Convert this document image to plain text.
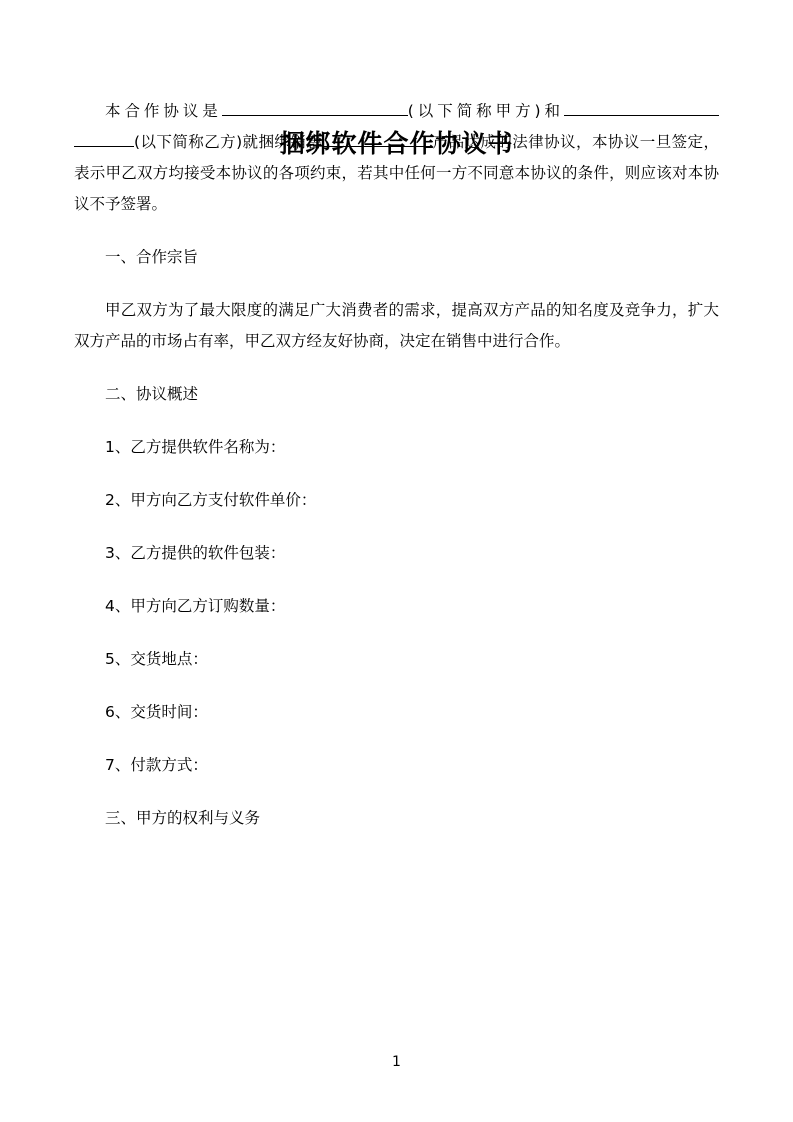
捆绑软件合作协议书

本合作协议是	(以下简称甲方)和(以下简称乙方)就捆绑销售	产品达成的法律协议，本协议一旦签定，表示甲乙双方均接受本协议的各项约束，若其中任何一方不同意本协议的条件，则应该对本协议不予签署。

一、合作宗旨

甲乙双方为了最大限度的满足广大消费者的需求，提高双方产品的知名度及竞争力，扩大双方产品的市场占有率，甲乙双方经友好协商，决定在销售中进行合作。

二、协议概述

1、乙方提供软件名称为：

2、甲方向乙方支付软件单价：

3、乙方提供的软件包装：

4、甲方向乙方订购数量：

5、交货地点：

6、交货时间：

7、付款方式：

三、甲方的权利与义务

1
